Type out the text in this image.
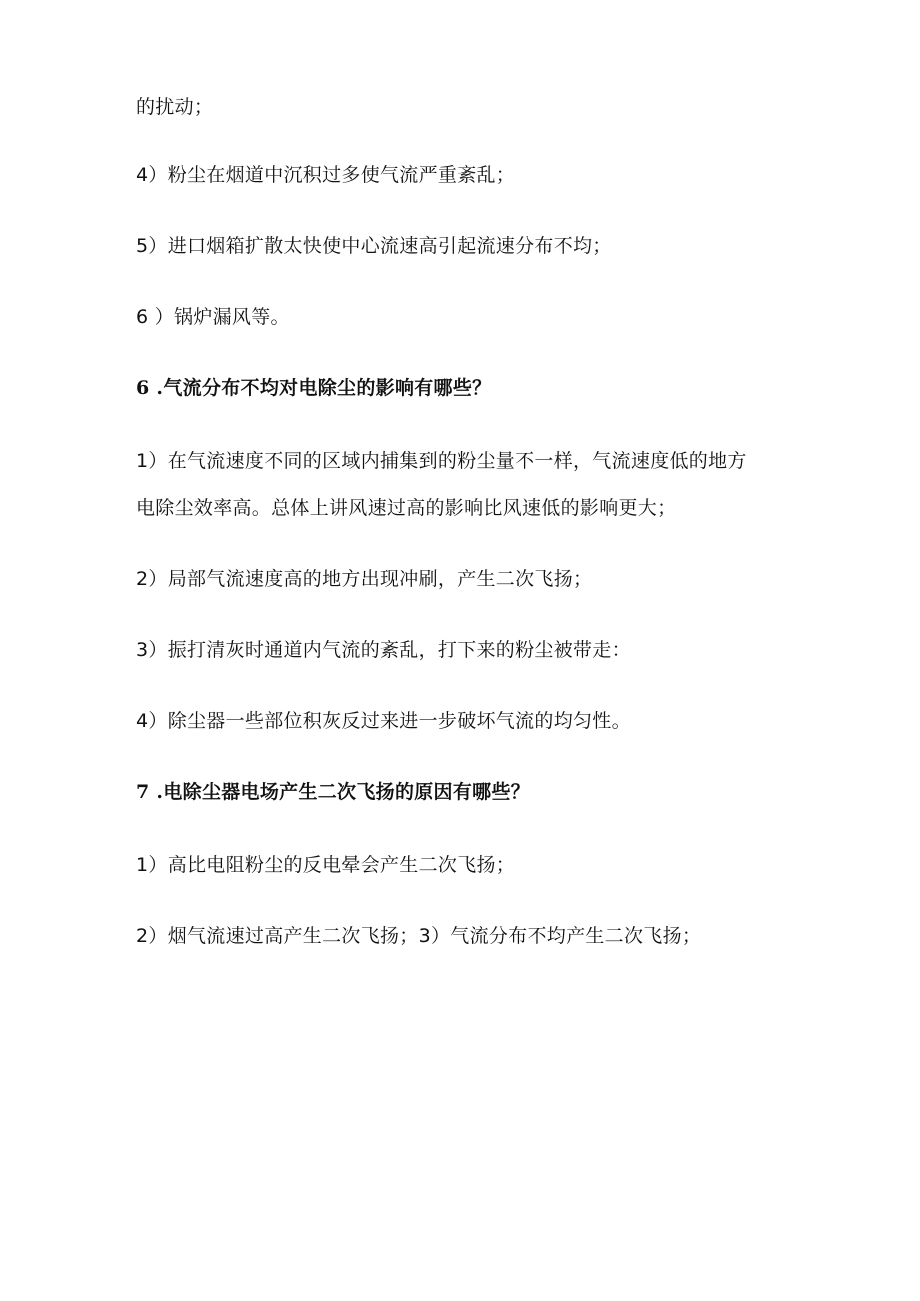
的扰动；
4）粉尘在烟道中沉积过多使气流严重紊乱；
5）进口烟箱扩散太快使中心流速高引起流速分布不均；
6 ）锅炉漏风等。
6 .气流分布不均对电除尘的影响有哪些？
1）在气流速度不同的区域内捕集到的粉尘量不一样，气流速度低的地方
电除尘效率高。总体上讲风速过高的影响比风速低的影响更大；
2）局部气流速度高的地方出现冲刷，产生二次飞扬；
3）振打清灰时通道内气流的紊乱，打下来的粉尘被带走：
4）除尘器一些部位积灰反过来进一步破坏气流的均匀性。
7 .电除尘器电场产生二次飞扬的原因有哪些？
1）高比电阻粉尘的反电晕会产生二次飞扬；
2）烟气流速过高产生二次飞扬；3）气流分布不均产生二次飞扬；
